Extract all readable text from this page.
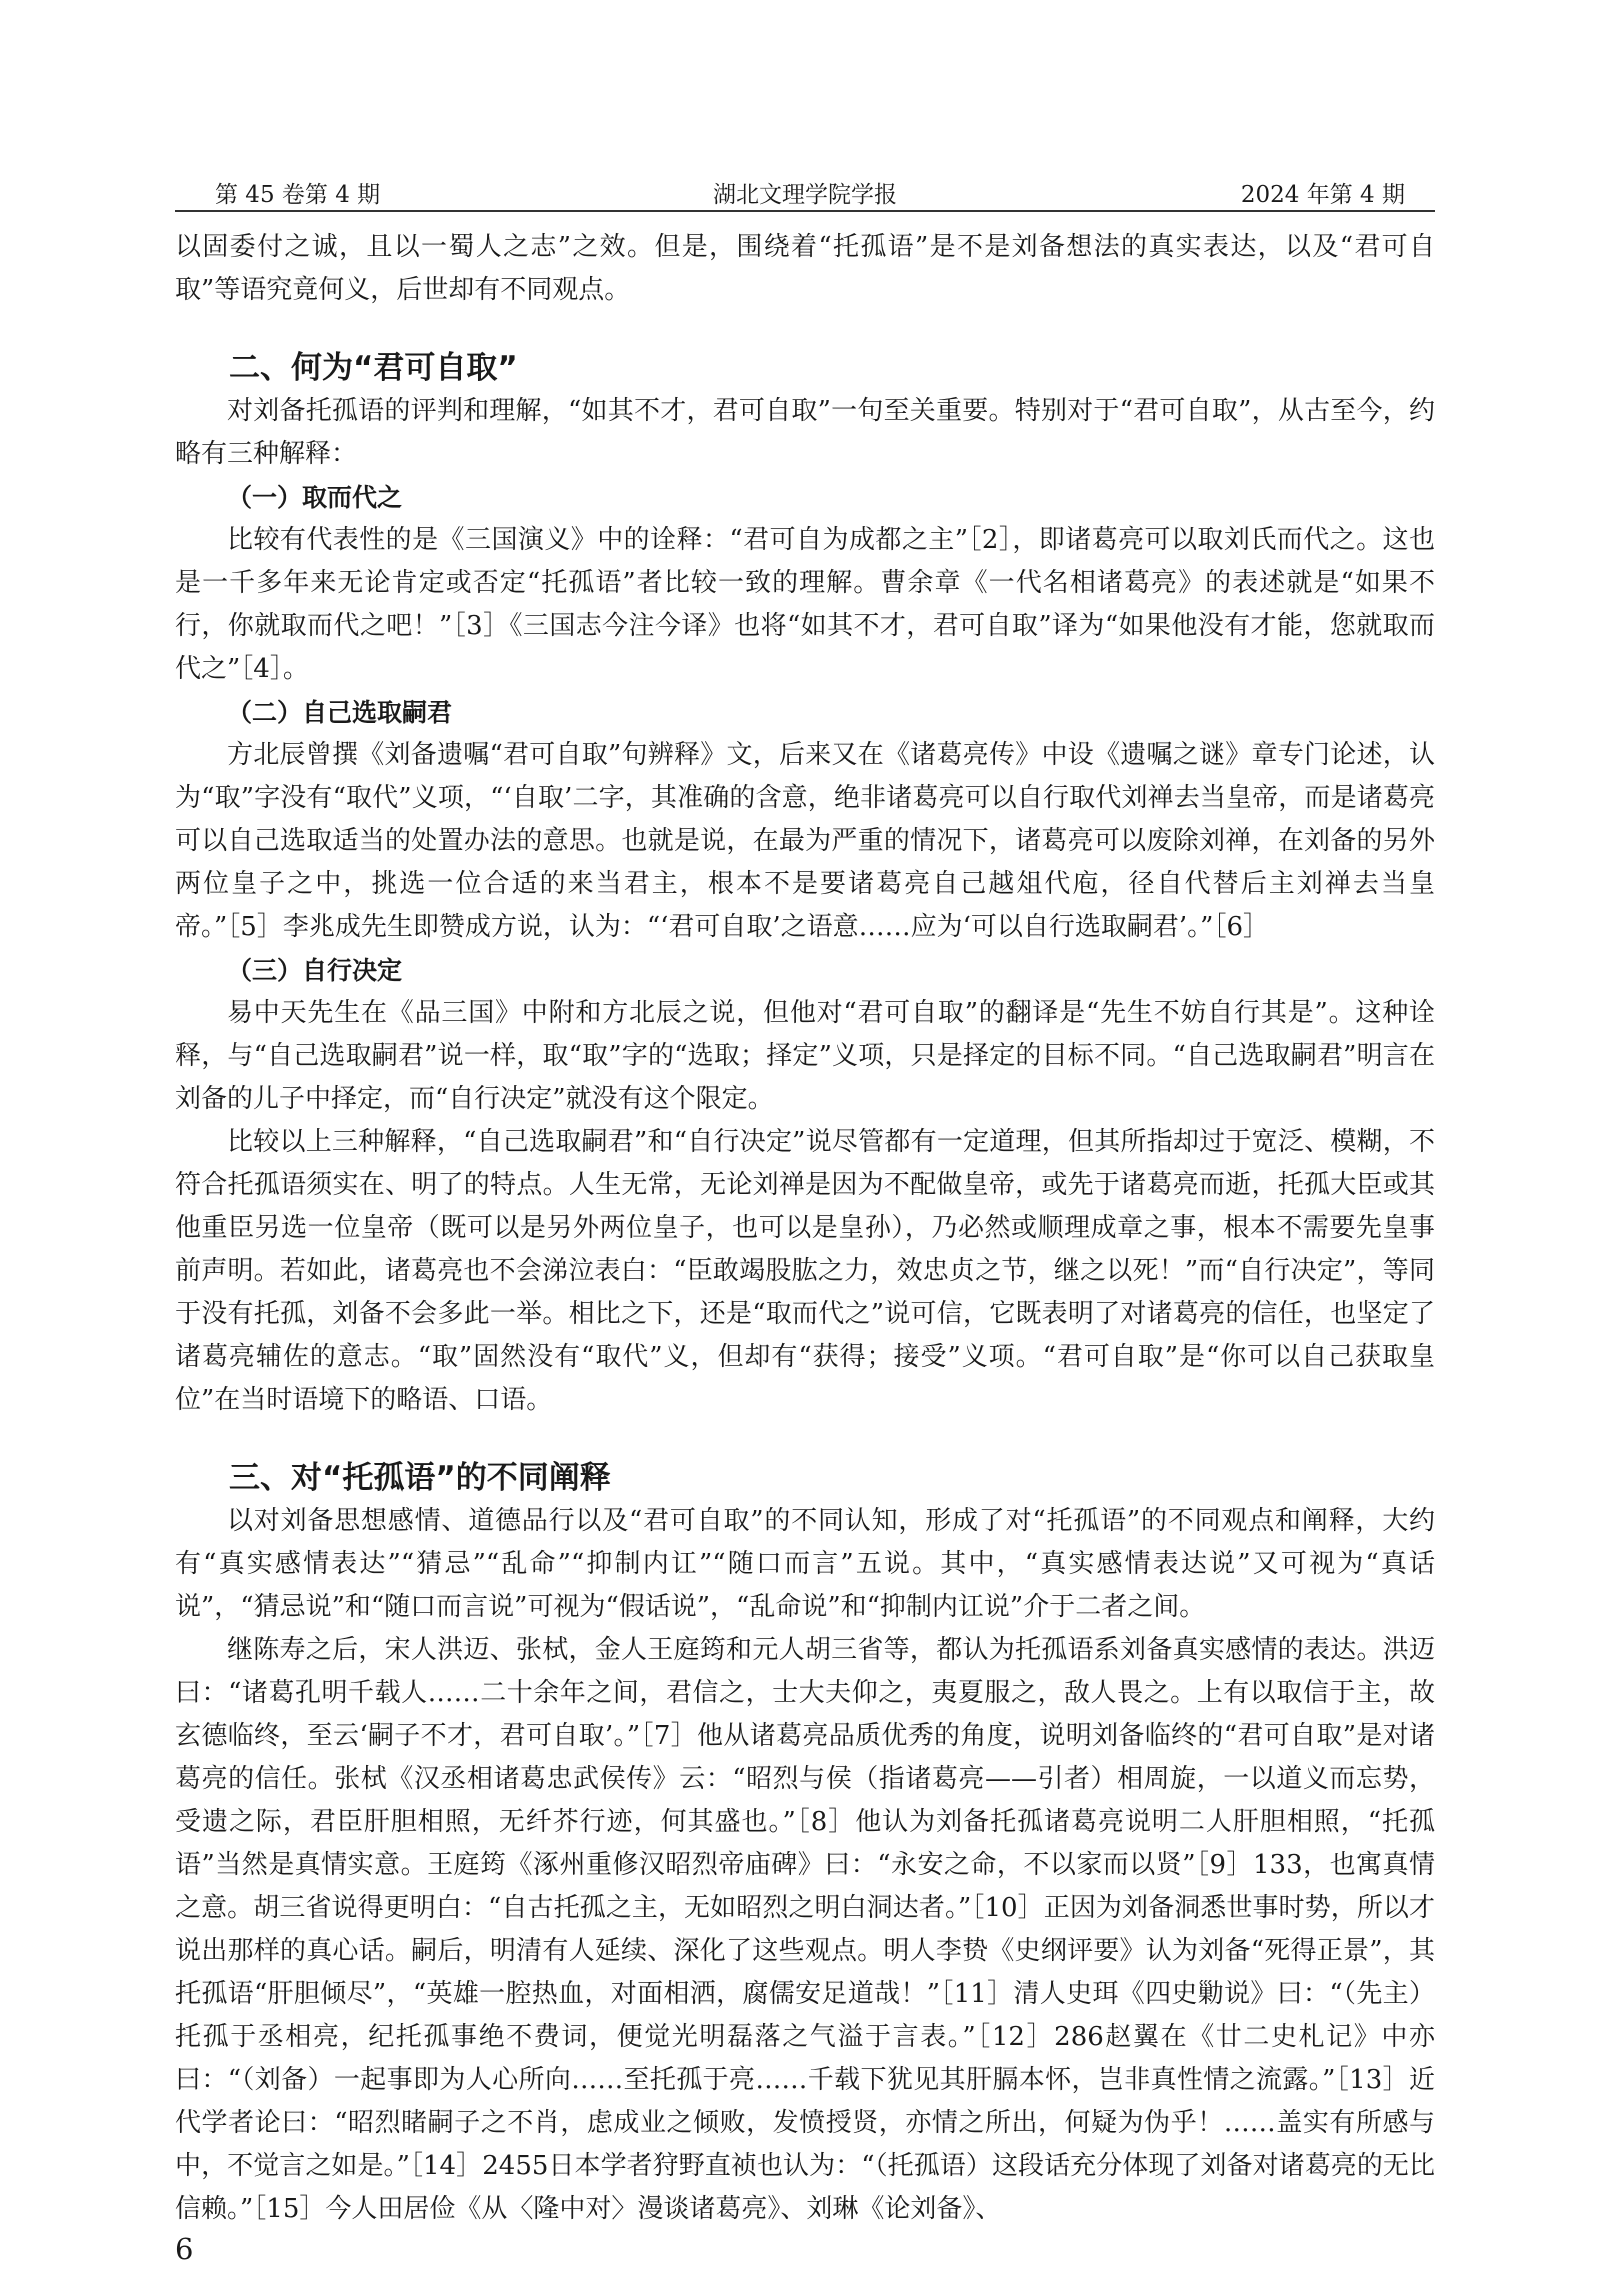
第 45 卷第 4 期	湖北文理学院学报	2024 年第 4 期

以固委付之诚，且以一蜀人之志”之效。但是，围绕着“托孤语”是不是刘备想法的真实表达，以及“君可自取”等语究竟何义，后世却有不同观点。

二、何为“君可自取”

对刘备托孤语的评判和理解，“如其不才，君可自取”一句至关重要。特别对于“君可自取”，从古至今，约略有三种解释：

（一）取而代之

比较有代表性的是《三国演义》中的诠释：“君可自为成都之主”［2］，即诸葛亮可以取刘氏而代之。这也是一千多年来无论肯定或否定“托孤语”者比较一致的理解。曹余章《一代名相诸葛亮》的表述就是“如果不行，你就取而代之吧！”［3］《三国志今注今译》也将“如其不才，君可自取”译为“如果他没有才能，您就取而代之”［4］。

（二）自己选取嗣君

方北辰曾撰《刘备遗嘱“君可自取”句辨释》文，后来又在《诸葛亮传》中设《遗嘱之谜》章专门论述，认为“取”字没有“取代”义项，“‘自取’二字，其准确的含意，绝非诸葛亮可以自行取代刘禅去当皇帝，而是诸葛亮可以自己选取适当的处置办法的意思。也就是说，在最为严重的情况下，诸葛亮可以废除刘禅，在刘备的另外两位皇子之中，挑选一位合适的来当君主，根本不是要诸葛亮自己越俎代庖，径自代替后主刘禅去当皇帝。”［5］李兆成先生即赞成方说，认为：“‘君可自取’之语意……应为‘可以自行选取嗣君’。”［6］

（三）自行决定

易中天先生在《品三国》中附和方北辰之说，但他对“君可自取”的翻译是“先生不妨自行其是”。这种诠释，与“自己选取嗣君”说一样，取“取”字的“选取；择定”义项，只是择定的目标不同。“自己选取嗣君”明言在刘备的儿子中择定，而“自行决定”就没有这个限定。

比较以上三种解释，“自己选取嗣君”和“自行决定”说尽管都有一定道理，但其所指却过于宽泛、模糊，不符合托孤语须实在、明了的特点。人生无常，无论刘禅是因为不配做皇帝，或先于诸葛亮而逝，托孤大臣或其他重臣另选一位皇帝（既可以是另外两位皇子，也可以是皇孙），乃必然或顺理成章之事，根本不需要先皇事前声明。若如此，诸葛亮也不会涕泣表白：“臣敢竭股肱之力，效忠贞之节，继之以死！”而“自行决定”，等同于没有托孤，刘备不会多此一举。相比之下，还是“取而代之”说可信，它既表明了对诸葛亮的信任，也坚定了诸葛亮辅佐的意志。“取”固然没有“取代”义，但却有“获得；接受”义项。“君可自取”是“你可以自己获取皇位”在当时语境下的略语、口语。

三、对“托孤语”的不同阐释

以对刘备思想感情、道德品行以及“君可自取”的不同认知，形成了对“托孤语”的不同观点和阐释，大约有“真实感情表达”“猜忌”“乱命”“抑制内讧”“随口而言”五说。其中，“真实感情表达说”又可视为“真话说”，“猜忌说”和“随口而言说”可视为“假话说”，“乱命说”和“抑制内讧说”介于二者之间。

继陈寿之后，宋人洪迈、张栻，金人王庭筠和元人胡三省等，都认为托孤语系刘备真实感情的表达。洪迈曰：“诸葛孔明千载人……二十余年之间，君信之，士大夫仰之，夷夏服之，敌人畏之。上有以取信于主，故玄德临终，至云‘嗣子不才，君可自取’。”［7］他从诸葛亮品质优秀的角度，说明刘备临终的“君可自取”是对诸葛亮的信任。张栻《汉丞相诸葛忠武侯传》云：“昭烈与侯（指诸葛亮——引者）相周旋，一以道义而忘势，受遗之际，君臣肝胆相照，无纤芥行迹，何其盛也。”［8］他认为刘备托孤诸葛亮说明二人肝胆相照，“托孤语”当然是真情实意。王庭筠《涿州重修汉昭烈帝庙碑》曰：“永安之命，不以家而以贤”［9］133，也寓真情之意。胡三省说得更明白：“自古托孤之主，无如昭烈之明白洞达者。”［10］正因为刘备洞悉世事时势，所以才说出那样的真心话。嗣后，明清有人延续、深化了这些观点。明人李贽《史纲评要》认为刘备“死得正景”，其托孤语“肝胆倾尽”，“英雄一腔热血，对面相洒，腐儒安足道哉！”［11］清人史珥《四史勦说》曰：“（先主）托孤于丞相亮，纪托孤事绝不费词，便觉光明磊落之气溢于言表。”［12］286赵翼在《廿二史札记》中亦曰：“（刘备）一起事即为人心所向……至托孤于亮……千载下犹见其肝膈本怀，岂非真性情之流露。”［13］近代学者论曰：“昭烈睹嗣子之不肖，虑成业之倾败，发愤授贤，亦情之所出，何疑为伪乎！……盖实有所感与中，不觉言之如是。”［14］2455日本学者狩野直祯也认为：“（托孤语）这段话充分体现了刘备对诸葛亮的无比信赖。”［15］今人田居俭《从〈隆中对〉漫谈诸葛亮》、刘琳《论刘备》、

6
